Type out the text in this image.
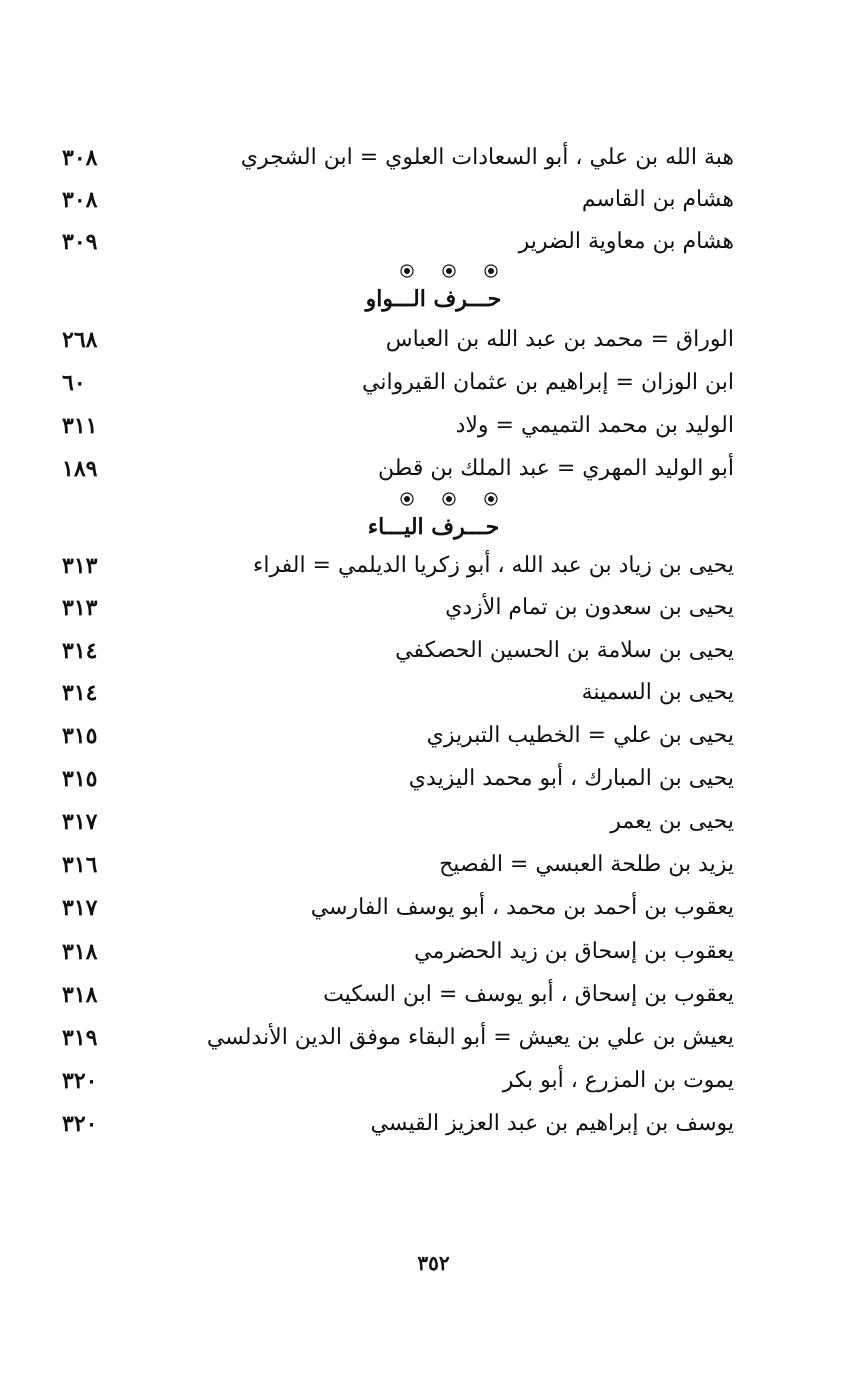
هبة الله بن علي ، أبو السعادات العلوي = ابن الشجري
٣٠٨
هشام بن القاسم
٣٠٨
هشام بن معاوية الضرير
٣٠٩
حـــرف الـــواو
الوراق = محمد بن عبد الله بن العباس
٢٦٨
ابن الوزان = إبراهيم بن عثمان القيرواني
٦٠
الوليد بن محمد التميمي = ولاد
٣١١
أبو الوليد المهري = عبد الملك بن قطن
١٨٩
حـــرف اليـــاء
يحيى بن زياد بن عبد الله ، أبو زكريا الديلمي = الفراء
٣١٣
يحيى بن سعدون بن تمام الأزدي
٣١٣
يحيى بن سلامة بن الحسين الحصكفي
٣١٤
يحيى بن السمينة
٣١٤
يحيى بن علي = الخطيب التبريزي
٣١٥
يحيى بن المبارك ، أبو محمد اليزيدي
٣١٥
يحيى بن يعمر
٣١٧
يزيد بن طلحة العبسي = الفصيح
٣١٦
يعقوب بن أحمد بن محمد ، أبو يوسف الفارسي
٣١٧
يعقوب بن إسحاق بن زيد الحضرمي
٣١٨
يعقوب بن إسحاق ، أبو يوسف = ابن السكيت
٣١٨
يعيش بن علي بن يعيش = أبو البقاء موفق الدين الأندلسي
٣١٩
يموت بن المزرع ، أبو بكر
٣٢٠
يوسف بن إبراهيم بن عبد العزيز القيسي
٣٢٠
٣٥٢
